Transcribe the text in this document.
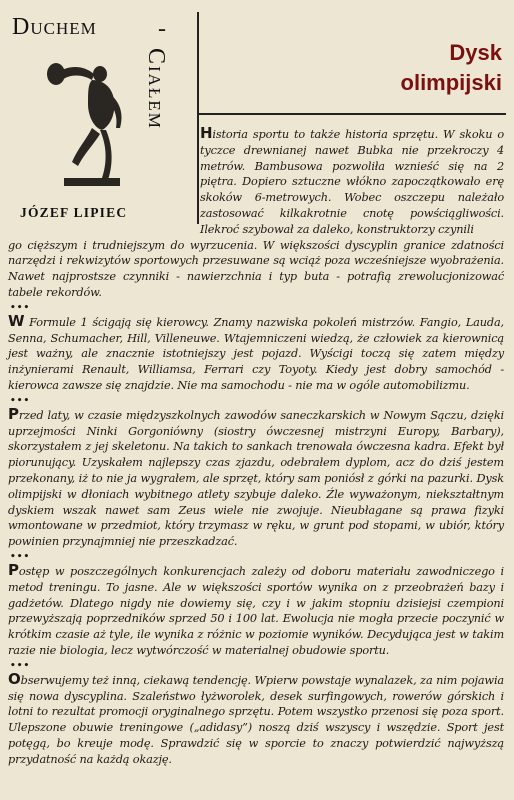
Duchem	-
Ciałem
JÓZEF LIPIEC
Dysk
olimpijski

Historia sportu to także historia sprzętu. W skoku o tyczce drewnianej nawet Bubka nie przekroczy 4 metrów. Bambusowa pozwoliła wznieść się na 2 piętra. Dopiero sztuczne włókno zapoczątkowało erę skoków 6-metrowych. Wobec oszczepu należało zastosować kilkakrotnie cnotę powściągliwości. Ilekroć szybował za daleko, konstruktorzy czynili

go cięższym i trudniejszym do wyrzucenia. W większości dyscyplin granice zdatności narzędzi i rekwizytów sportowych przesuwane są wciąż poza wcześniejsze wyobrażenia. Nawet najprostsze czynniki - nawierzchnia i typ buta - potrafią zrewolucjonizować tabele rekordów.

•••

W Formule 1 ścigają się kierowcy. Znamy nazwiska pokoleń mistrzów. Fangio, Lauda, Senna, Schumacher, Hill, Villeneuwe. Wtajemniczeni wiedzą, że człowiek za kierownicą jest ważny, ale znacznie istotniejszy jest pojazd. Wyścigi toczą się zatem między inżynierami Renault, Williamsa, Ferrari czy Toyoty. Kiedy jest dobry samochód - kierowca zawsze się znajdzie. Nie ma samochodu - nie ma w ogóle automobilizmu.

•••

Przed laty, w czasie międzyszkolnych zawodów saneczkarskich w Nowym Sączu, dzięki uprzejmości Ninki Gorgoniówny (siostry ówczesnej mistrzyni Europy, Barbary), skorzystałem z jej skeletonu. Na takich to sankach trenowała ówczesna kadra. Efekt był piorunujący. Uzyskałem najlepszy czas zjazdu, odebrałem dyplom, acz do dziś jestem przekonany, iż to nie ja wygrałem, ale sprzęt, który sam poniósł z górki na pazurki. Dysk olimpijski w dłoniach wybitnego atlety szybuje daleko. Źle wyważonym, niekształtnym dyskiem wszak nawet sam Zeus wiele nie zwojuje. Nieubłagane są prawa fizyki wmontowane w przedmiot, który trzymasz w ręku, w grunt pod stopami, w ubiór, który powinien przynajmniej nie przeszkadzać.

•••

Postęp w poszczególnych konkurencjach zależy od doboru materiału zawodniczego i metod treningu. To jasne. Ale w większości sportów wynika on z przeobrażeń bazy i gadżetów. Dlatego nigdy nie dowiemy się, czy i w jakim stopniu dzisiejsi czempioni przewyższają poprzedników sprzed 50 i 100 lat. Ewolucja nie mogła przecie poczynić w krótkim czasie aż tyle, ile wynika z różnic w poziomie wyników. Decydująca jest w takim razie nie biologia, lecz wytwórczość w materialnej obudowie sportu.

•••

Obserwujemy też inną, ciekawą tendencję. Wpierw powstaje wynalazek, za nim pojawia się nowa dyscyplina. Szaleństwo łyżworolek, desek surfingowych, rowerów górskich i lotni to rezultat promocji oryginalnego sprzętu. Potem wszystko przenosi się poza sport. Ulepszone obuwie treningowe („adidasy”) noszą dziś wszyscy i wszędzie. Sport jest potęgą, bo kreuje modę. Sprawdzić się w sporcie to znaczy potwierdzić najwyższą przydatność na każdą okazję.
